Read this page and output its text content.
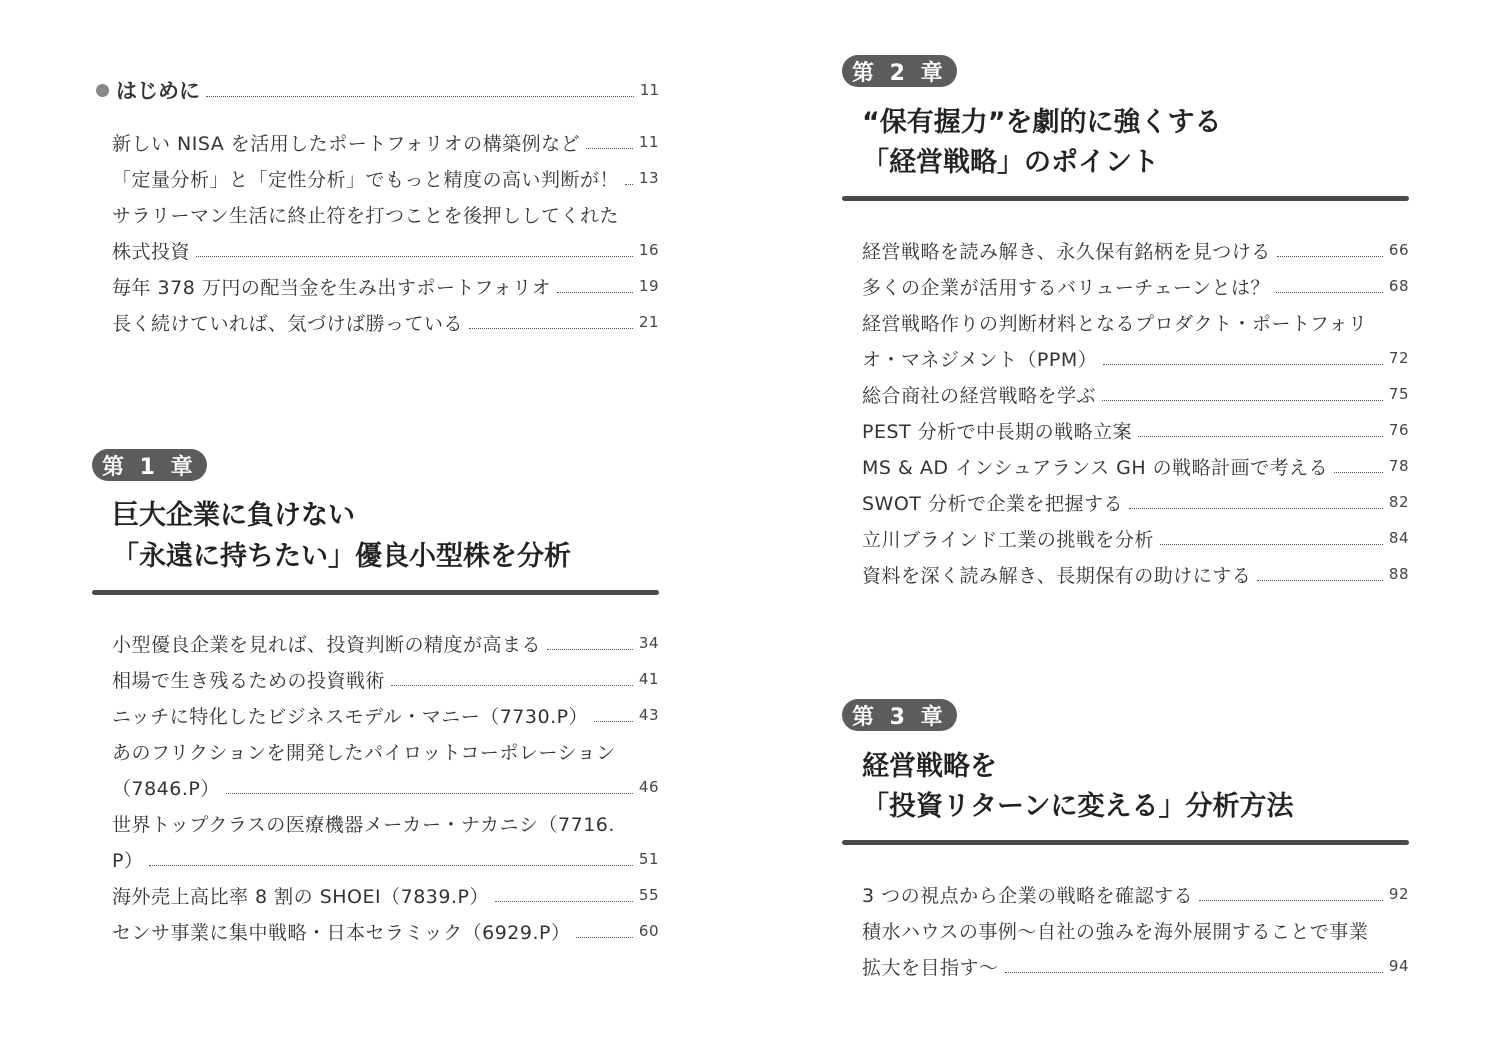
はじめに	11
新しい NISA を活用したポートフォリオの構築例など	11
「定量分析」と「定性分析」でもっと精度の高い判断が！ 13
サラリーマン生活に終止符を打つことを後押ししてくれた
株式投資	16
毎年 378 万円の配当金を生み出すポートフォリオ	19
長く続けていれば、気づけば勝っている	21
第 1 章
巨大企業に負けない
「永遠に持ちたい」優良小型株を分析
小型優良企業を見れば、投資判断の精度が高まる	34
相場で生き残るための投資戦術	41
ニッチに特化したビジネスモデル・マニー（7730.P）	43
あのフリクションを開発したパイロットコーポレーション
（7846.P）	46
世界トップクラスの医療機器メーカー・ナカニシ（7716.
P）	51
海外売上高比率 8 割の SHOEI（7839.P）	55
センサ事業に集中戦略・日本セラミック（6929.P）	60
第 2 章
“保有握力”を劇的に強くする
「経営戦略」のポイント
経営戦略を読み解き、永久保有銘柄を見つける	66
多くの企業が活用するバリューチェーンとは？	68
経営戦略作りの判断材料となるプロダクト・ポートフォリ
オ・マネジメント（PPM）	72
総合商社の経営戦略を学ぶ	75
PEST 分析で中長期の戦略立案	76
MS & AD インシュアランス GH の戦略計画で考える	78
SWOT 分析で企業を把握する	82
立川ブラインド工業の挑戦を分析	84
資料を深く読み解き、長期保有の助けにする	88
第 3 章
経営戦略を
「投資リターンに変える」分析方法
3 つの視点から企業の戦略を確認する	92
積水ハウスの事例〜自社の強みを海外展開することで事業
拡大を目指す〜	94
